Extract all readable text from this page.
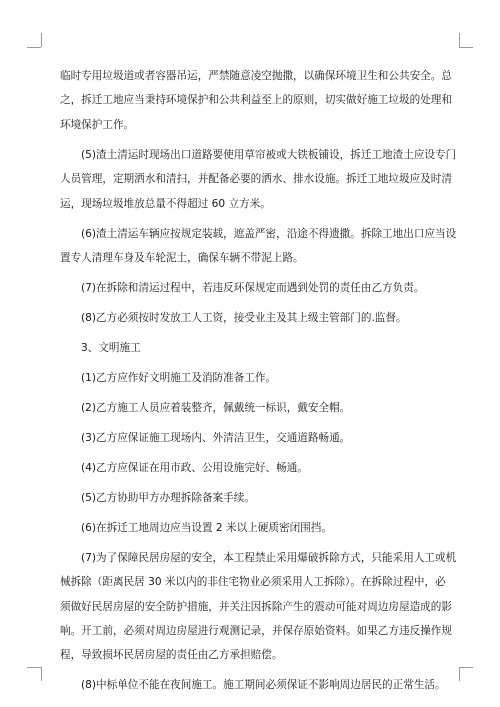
临时专用垃圾道或者容器吊运，严禁随意凌空抛撒，以确保环境卫生和公共安全。总
之，拆迁工地应当秉持环境保护和公共利益至上的原则，切实做好施工垃圾的处理和
环境保护工作。
(5)渣土清运时现场出口道路要使用草帘被或大铁板铺设，拆迁工地渣土应设专门
人员管理，定期洒水和清扫，并配备必要的洒水、排水设施。拆迁工地垃圾应及时清
运，现场垃圾堆放总量不得超过 60 立方米。
(6)渣土清运车辆应按规定装载，遮盖严密，沿途不得遗撒。拆除工地出口应当设
置专人清理车身及车轮泥土，确保车辆不带泥上路。
(7)在拆除和清运过程中，若违反环保规定而遇到处罚的责任由乙方负责。
(8)乙方必须按时发放工人工资，接受业主及其上级主管部门的.监督。
3、文明施工
(1)乙方应作好文明施工及消防准备工作。
(2)乙方施工人员应着装整齐，佩戴统一标识，戴安全帽。
(3)乙方应保证施工现场内、外清洁卫生，交通道路畅通。
(4)乙方应保证在用市政、公用设施完好、畅通。
(5)乙方协助甲方办理拆除备案手续。
(6)在拆迁工地周边应当设置 2 米以上硬质密闭围挡。
(7)为了保障民居房屋的安全，本工程禁止采用爆破拆除方式，只能采用人工或机
械拆除（距离民居 30 米以内的非住宅物业必须采用人工拆除）。在拆除过程中，必
须做好民居房屋的安全防护措施，并关注因拆除产生的震动可能对周边房屋造成的影
响。开工前，必须对周边房屋进行观测记录，并保存原始资料。如果乙方违反操作规
程，导致损坏民居房屋的责任由乙方承担赔偿。
(8)中标单位不能在夜间施工。施工期间必须保证不影响周边居民的正常生活。
